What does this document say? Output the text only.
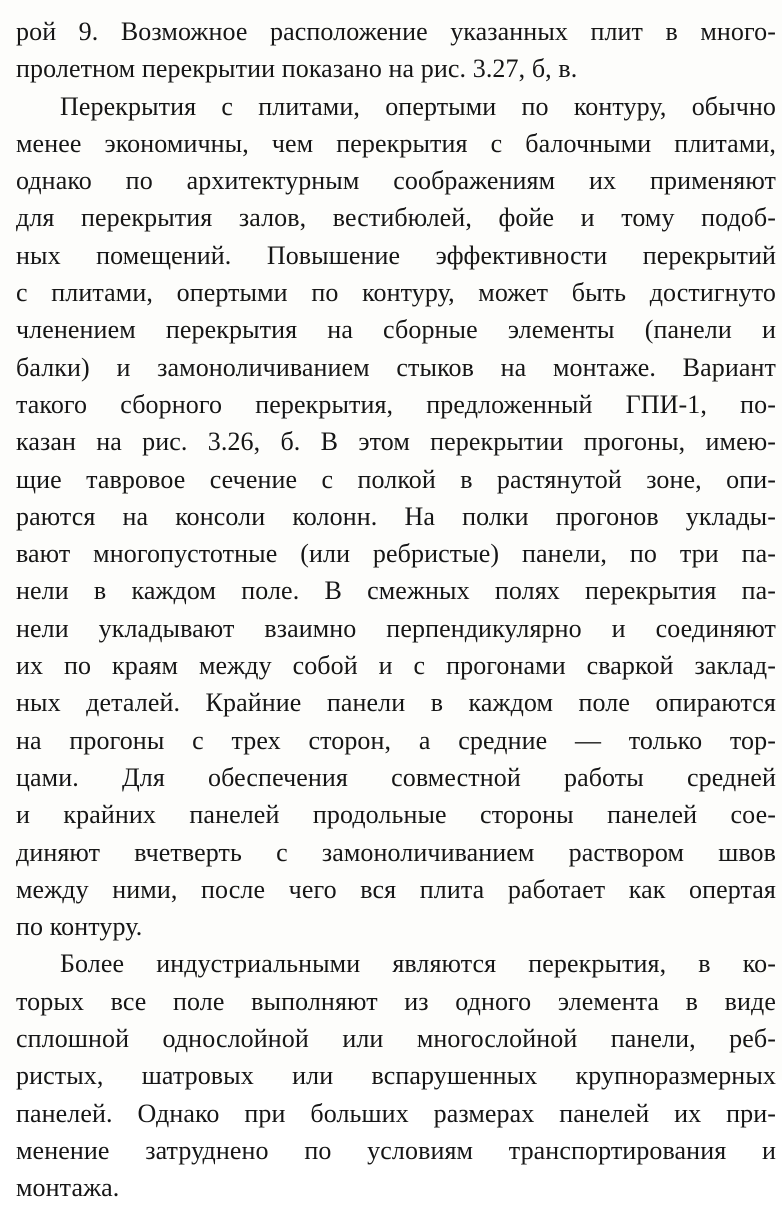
рой 9. Возможное расположение указанных плит в много-
пролетном перекрытии показано на рис. 3.27, б, в.
Перекрытия с плитами, опертыми по контуру, обычно
менее экономичны, чем перекрытия с балочными плитами,
однако по архитектурным соображениям их применяют
для перекрытия залов, вестибюлей, фойе и тому подоб-
ных помещений. Повышение эффективности перекрытий
с плитами, опертыми по контуру, может быть достигнуто
членением перекрытия на сборные элементы (панели и
балки) и замоноличиванием стыков на монтаже. Вариант
такого сборного перекрытия, предложенный ГПИ-1, по-
казан на рис. 3.26, б. В этом перекрытии прогоны, имею-
щие тавровое сечение с полкой в растянутой зоне, опи-
раются на консоли колонн. На полки прогонов уклады-
вают многопустотные (или ребристые) панели, по три па-
нели в каждом поле. В смежных полях перекрытия па-
нели укладывают взаимно перпендикулярно и соединяют
их по краям между собой и с прогонами сваркой заклад-
ных деталей. Крайние панели в каждом поле опираются
на прогоны с трех сторон, а средние — только тор-
цами. Для обеспечения совместной работы средней
и крайних панелей продольные стороны панелей сое-
диняют вчетверть с замоноличиванием раствором швов
между ними, после чего вся плита работает как опертая
по контуру.
Более индустриальными являются перекрытия, в ко-
торых все поле выполняют из одного элемента в виде
сплошной однослойной или многослойной панели, реб-
ристых, шатровых или вспарушенных крупноразмерных
панелей. Однако при больших размерах панелей их при-
менение затруднено по условиям транспортирования и
монтажа.
